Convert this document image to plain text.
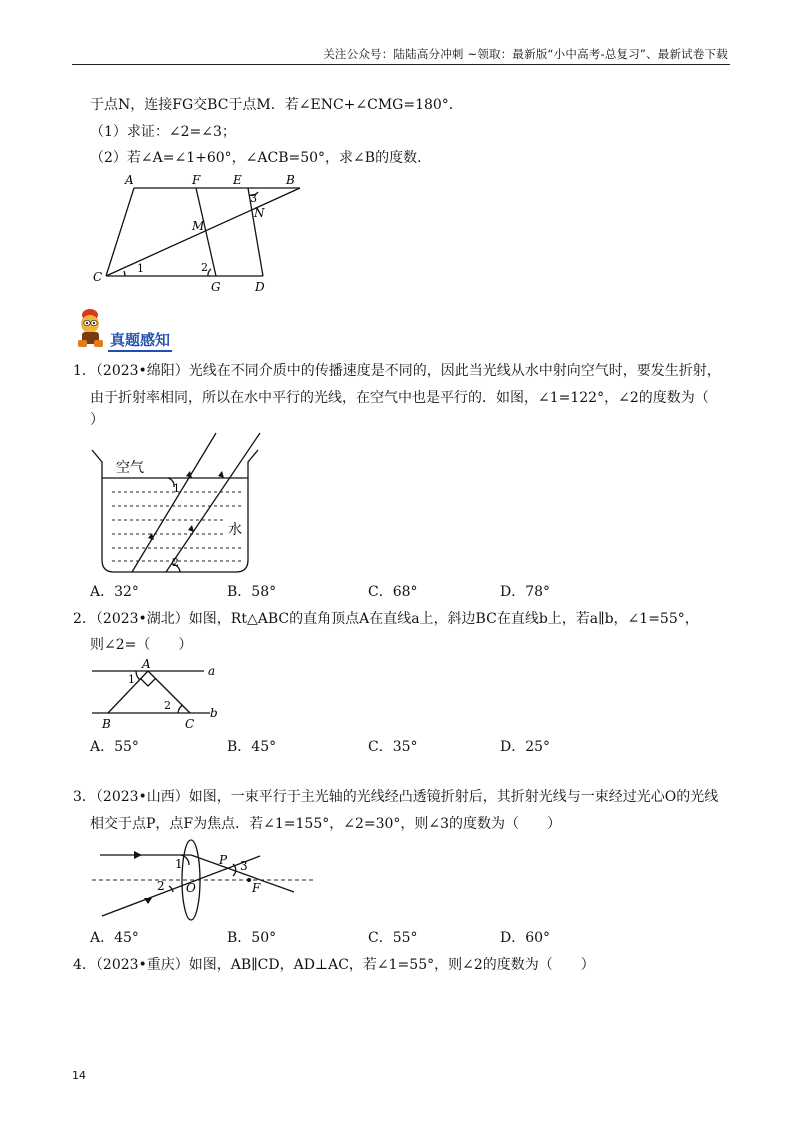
关注公众号：陆陆高分冲刺 ~领取：最新版“小中高考-总复习”、最新试卷下载
于点N，连接FG交BC于点M．若∠ENC+∠CMG=180°．
（1）求证：∠2=∠3；
（2）若∠A=∠1+60°，∠ACB=50°，求∠B的度数．
A	F	E	B
3
N
M
C
1	2
G	D
真题感知
1．（2023•绵阳）光线在不同介质中的传播速度是不同的，因此当光线从水中射向空气时，要发生折射，
由于折射率相同，所以在水中平行的光线，在空气中也是平行的．如图，∠1=122°，∠2的度数为（
）
空气
1
水
2
A．32°	B．58°	C．68°	D．78°
2．（2023•湖北）如图，Rt△ABC的直角顶点A在直线a上，斜边BC在直线b上，若a∥b，∠1=55°，
则∠2=（　　）
A	a
1
2
B	C
b
A．55°	B．45°	C．35°	D．25°
3．（2023•山西）如图，一束平行于主光轴的光线经凸透镜折射后，其折射光线与一束经过光心O的光线
相交于点P，点F为焦点．若∠1=155°，∠2=30°，则∠3的度数为（　　）
1	P 3
2 O	F
A．45°	B．50°	C．55°	D．60°
4．（2023•重庆）如图，AB∥CD，AD⊥AC，若∠1=55°，则∠2的度数为（　　）
14
